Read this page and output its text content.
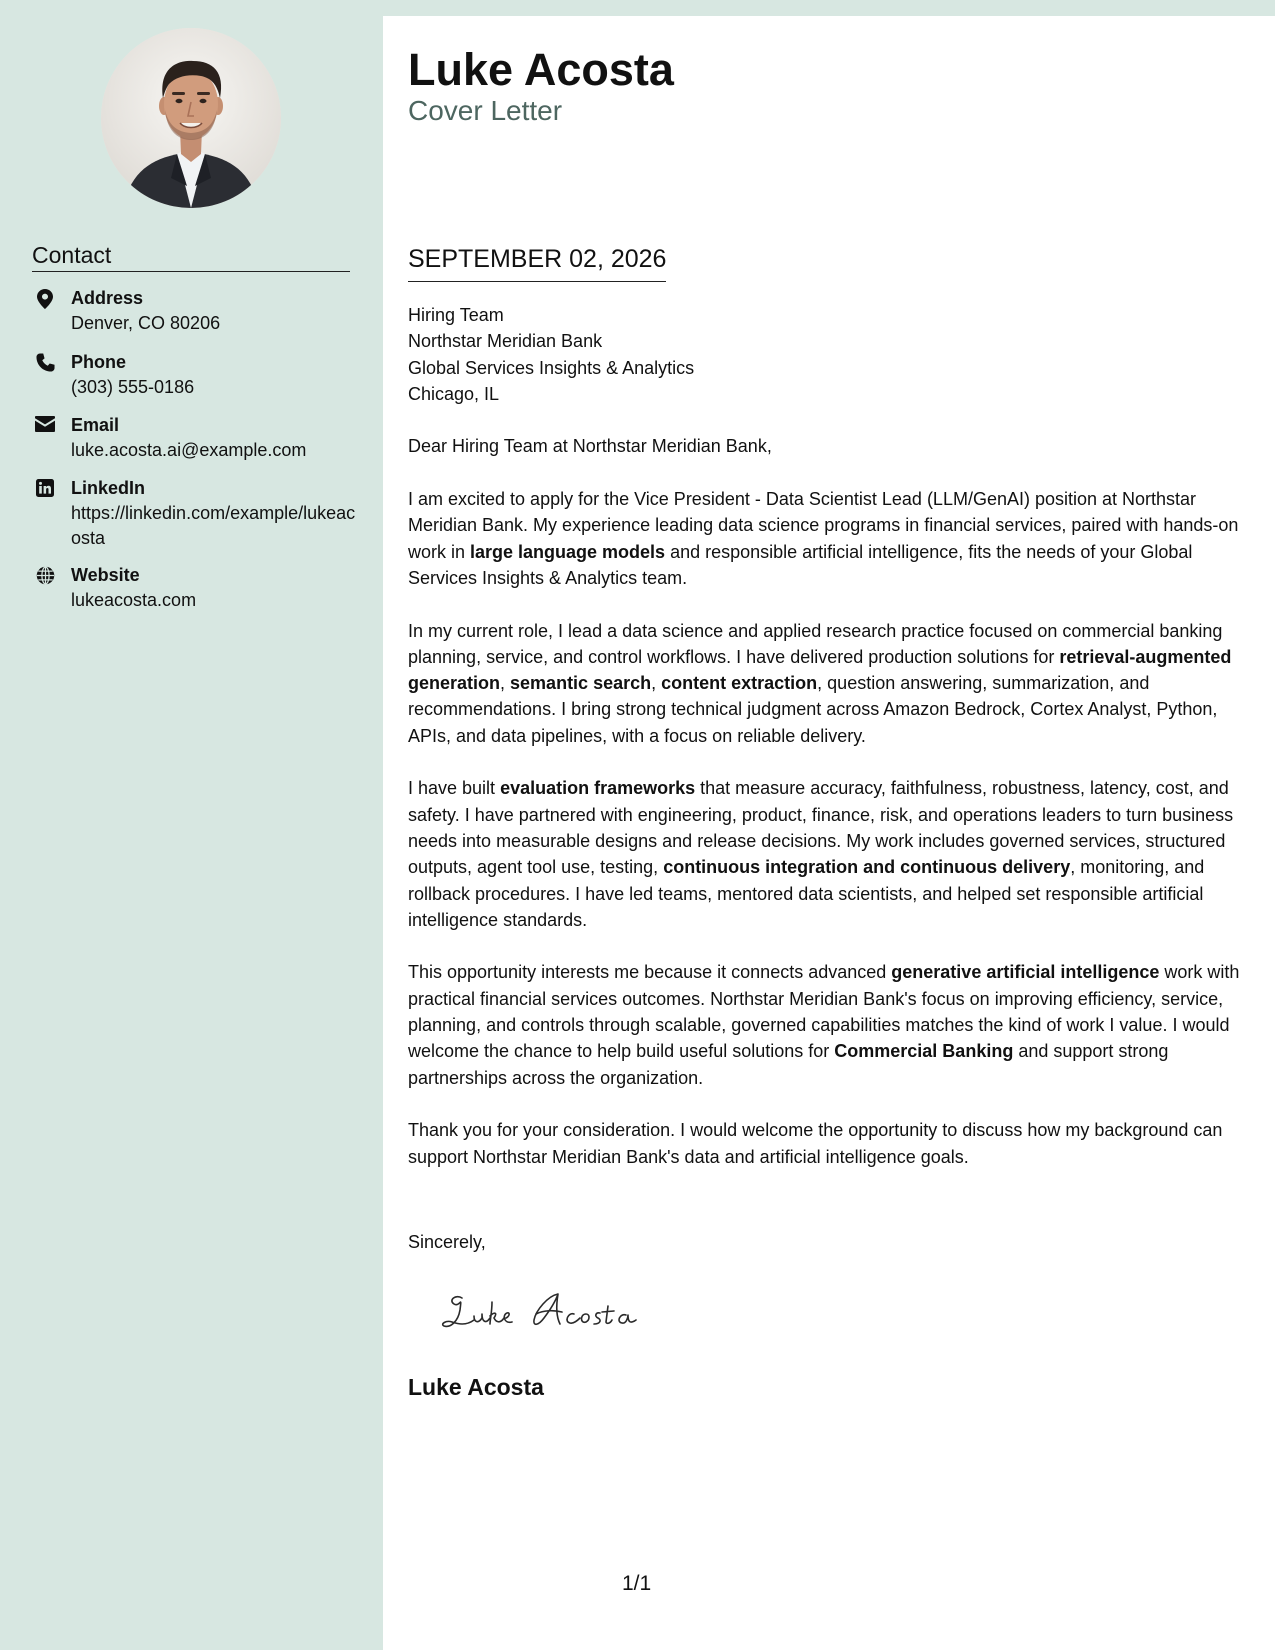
Contact
Address
Denver, CO 80206
Phone
(303) 555-0186
Email
luke.acosta.ai@example.com
LinkedIn
https://linkedin.com/example/lukeacosta
Website
lukeacosta.com
Luke Acosta
Cover Letter
SEPTEMBER 02, 2026
Hiring Team
Northstar Meridian Bank
Global Services Insights & Analytics
Chicago, IL

Dear Hiring Team at Northstar Meridian Bank,

I am excited to apply for the Vice President - Data Scientist Lead (LLM/GenAI) position at Northstar Meridian Bank. My experience leading data science programs in financial services, paired with hands-on work in large language models and responsible artificial intelligence, fits the needs of your Global Services Insights & Analytics team.

In my current role, I lead a data science and applied research practice focused on commercial banking planning, service, and control workflows. I have delivered production solutions for retrieval-augmented generation, semantic search, content extraction, question answering, summarization, and recommendations. I bring strong technical judgment across Amazon Bedrock, Cortex Analyst, Python, APIs, and data pipelines, with a focus on reliable delivery.

I have built evaluation frameworks that measure accuracy, faithfulness, robustness, latency, cost, and safety. I have partnered with engineering, product, finance, risk, and operations leaders to turn business needs into measurable designs and release decisions. My work includes governed services, structured outputs, agent tool use, testing, continuous integration and continuous delivery, monitoring, and rollback procedures. I have led teams, mentored data scientists, and helped set responsible artificial intelligence standards.

This opportunity interests me because it connects advanced generative artificial intelligence work with practical financial services outcomes. Northstar Meridian Bank's focus on improving efficiency, service, planning, and controls through scalable, governed capabilities matches the kind of work I value. I would welcome the chance to help build useful solutions for Commercial Banking and support strong partnerships across the organization.

Thank you for your consideration. I would welcome the opportunity to discuss how my background can support Northstar Meridian Bank's data and artificial intelligence goals.

Sincerely,
Luke Acosta
1/1
